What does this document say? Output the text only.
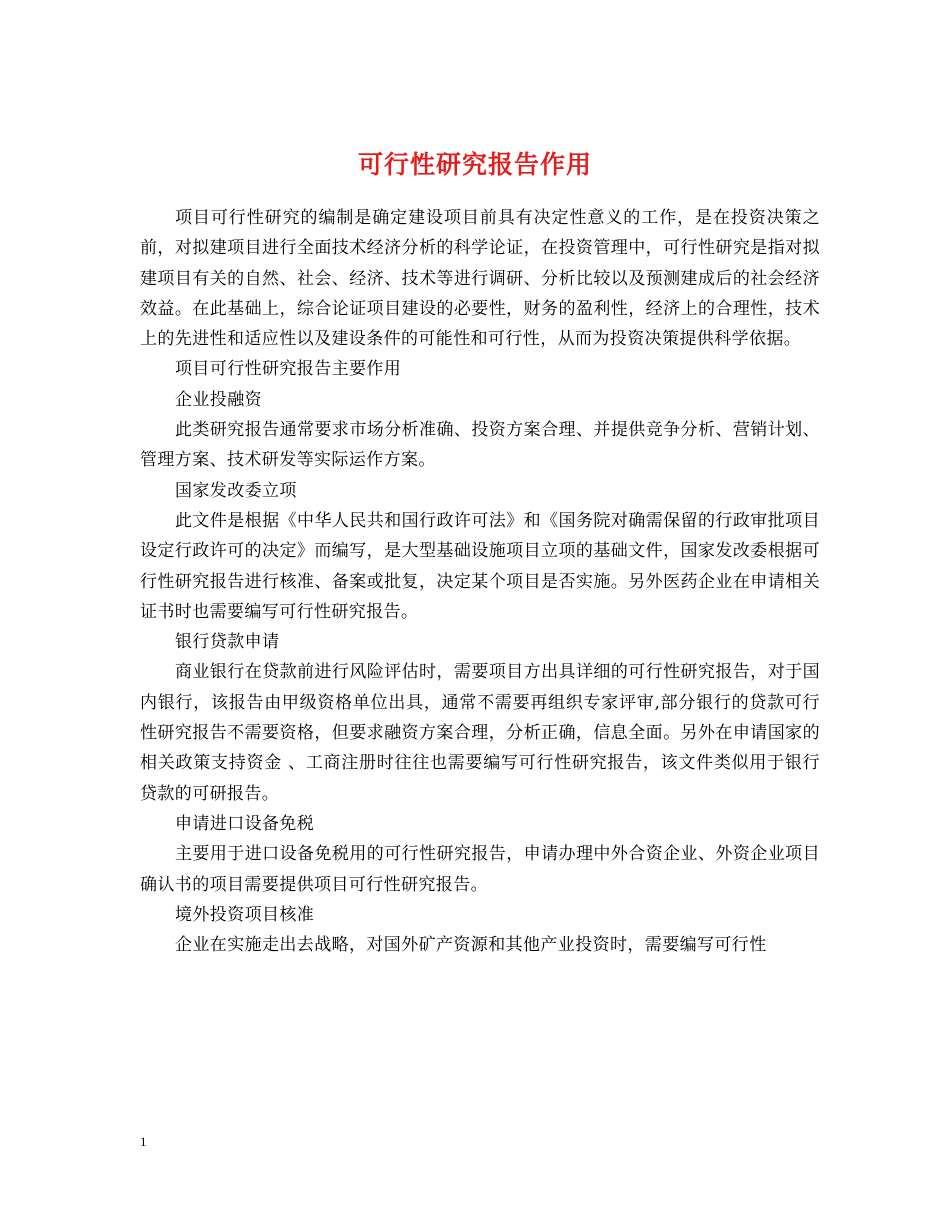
可行性研究报告作用

项目可行性研究的编制是确定建设项目前具有决定性意义的工作，是在投资决策之前，对拟建项目进行全面技术经济分析的科学论证，在投资管理中，可行性研究是指对拟建项目有关的自然、社会、经济、技术等进行调研、分析比较以及预测建成后的社会经济效益。在此基础上，综合论证项目建设的必要性，财务的盈利性，经济上的合理性，技术上的先进性和适应性以及建设条件的可能性和可行性，从而为投资决策提供科学依据。

项目可行性研究报告主要作用

企业投融资

此类研究报告通常要求市场分析准确、投资方案合理、并提供竞争分析、营销计划、管理方案、技术研发等实际运作方案。

国家发改委立项

此文件是根据《中华人民共和国行政许可法》和《国务院对确需保留的行政审批项目设定行政许可的决定》而编写，是大型基础设施项目立项的基础文件，国家发改委根据可行性研究报告进行核准、备案或批复，决定某个项目是否实施。另外医药企业在申请相关证书时也需要编写可行性研究报告。

银行贷款申请

商业银行在贷款前进行风险评估时，需要项目方出具详细的可行性研究报告，对于国内银行，该报告由甲级资格单位出具，通常不需要再组织专家评审,部分银行的贷款可行性研究报告不需要资格，但要求融资方案合理，分析正确，信息全面。另外在申请国家的相关政策支持资金 、工商注册时往往也需要编写可行性研究报告，该文件类似用于银行贷款的可研报告。

申请进口设备免税

主要用于进口设备免税用的可行性研究报告，申请办理中外合资企业、外资企业项目确认书的项目需要提供项目可行性研究报告。

境外投资项目核准

企业在实施走出去战略，对国外矿产资源和其他产业投资时，需要编写可行性

1
